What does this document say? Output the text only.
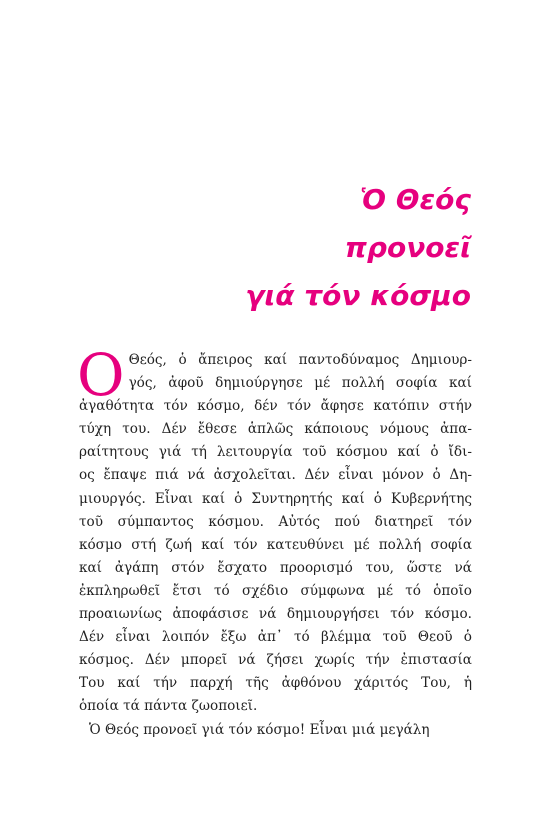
Ὁ Θεός
προνοεῖ
γιά τόν κόσμο
Ο Θεός, ὁ ἄπειρος καί παντοδύναμος Δημιουρ-
γός, ἀφοῦ δημιούργησε μέ πολλή σοφία καί
ἀγαθότητα τόν κόσμο, δέν τόν ἄφησε κατόπιν στήν
τύχη του. Δέν ἔθεσε ἁπλῶς κάποιους νόμους ἀπα-
ραίτητους γιά τή λειτουργία τοῦ κόσμου καί ὁ ἴδι-
ος ἔπαψε πιά νά ἀσχολεῖται. Δέν εἶναι μόνον ὁ Δη-
μιουργός. Εἶναι καί ὁ Συντηρητής καί ὁ Κυβερνήτης
τοῦ σύμπαντος κόσμου. Αὐτός πού διατηρεῖ τόν
κόσμο στή ζωή καί τόν κατευθύνει μέ πολλή σοφία
καί ἀγάπη στόν ἔσχατο προορισμό του, ὥστε νά
ἐκπληρωθεῖ ἔτσι τό σχέδιο σύμφωνα μέ τό ὁποῖο
προαιωνίως ἀποφάσισε νά δημιουργήσει τόν κόσμο.
Δέν εἶναι λοιπόν ἔξω ἀπ᾽ τό βλέμμα τοῦ Θεοῦ ὁ
κόσμος. Δέν μπορεῖ νά ζήσει χωρίς τήν ἐπιστασία
Του καί τήν παρχή τῆς ἀφθόνου χάριτός Του, ἡ
ὁποία τά πάντα ζωοποιεῖ.

Ὁ Θεός προνοεῖ γιά τόν κόσμο! Εἶναι μιά μεγάλη
